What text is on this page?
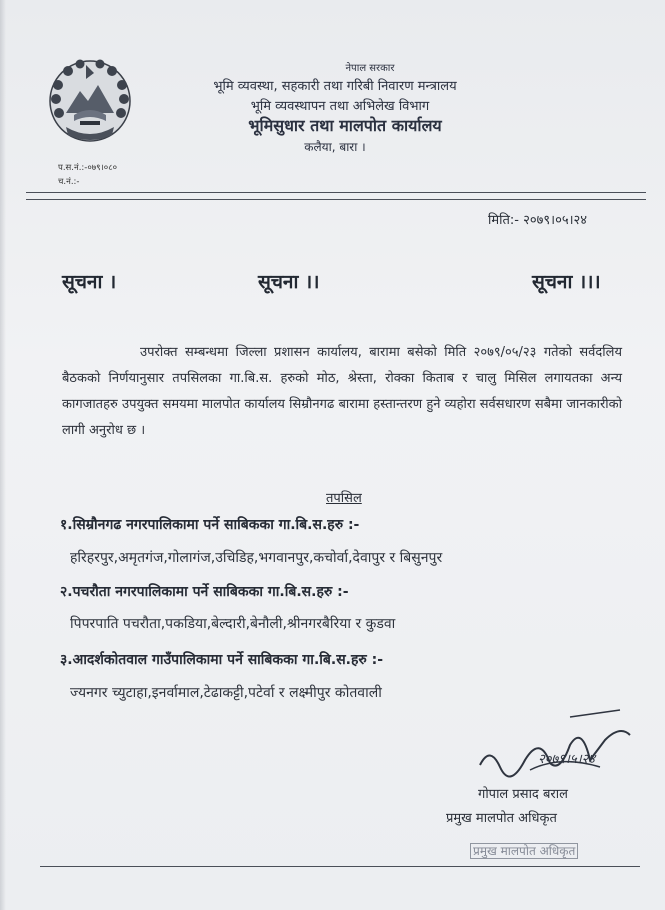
नेपाल सरकार
भूमि व्यवस्था, सहकारी तथा गरिबी निवारण मन्त्रालय
भूमि व्यवस्थापन तथा अभिलेख विभाग
भूमिसुधार तथा मालपोत कार्यालय
कलैया, बारा ।
प.स.नं.:-०७९।०८०
च.नं.:-
मिति:- २०७९।०५।२४
सूचना ।	सूचना ।।	सूचना ।।।
उपरोक्त सम्बन्धमा जिल्ला प्रशासन कार्यालय, बारामा बसेको मिति २०७९/०५/२३ गतेको सर्वदलिय बैठकको निर्णयानुसार तपसिलका गा.बि.स. हरुको मोठ, श्रेस्ता, रोक्का किताब र चालु मिसिल लगायतका अन्य कागजातहरु उपयुक्त समयमा मालपोत कार्यालय सिम्रौनगढ बारामा हस्तान्तरण हुने व्यहोरा सर्वसधारण सबैमा जानकारीको लागी अनुरोध छ ।
तपसिल
१.सिम्रौनगढ नगरपालिकामा पर्ने साबिकका गा.बि.स.हरु :-
हरिहरपुर,अमृतगंज,गोलागंज,उचिडिह,भगवानपुर,कचोर्वा,देवापुर र बिसुनपुर
२.पचरौता नगरपालिकामा पर्ने साबिकका गा.बि.स.हरु :-
पिपरपाति पचरौता,पकडिया,बेल्दारी,बेनौली,श्रीनगरबैरिया र कुडवा
३.आदर्शकोतवाल गाउँपालिकामा पर्ने साबिकका गा.बि.स.हरु :-
ज्यनगर च्युटाहा,इनर्वामाल,टेढाकट्टी,पटेर्वा र लक्ष्मीपुर कोतवाली
२०७९।५।२४
गोपाल प्रसाद बराल
प्रमुख मालपोत अधिकृत
प्रमुख मालपोत अधिकृत
